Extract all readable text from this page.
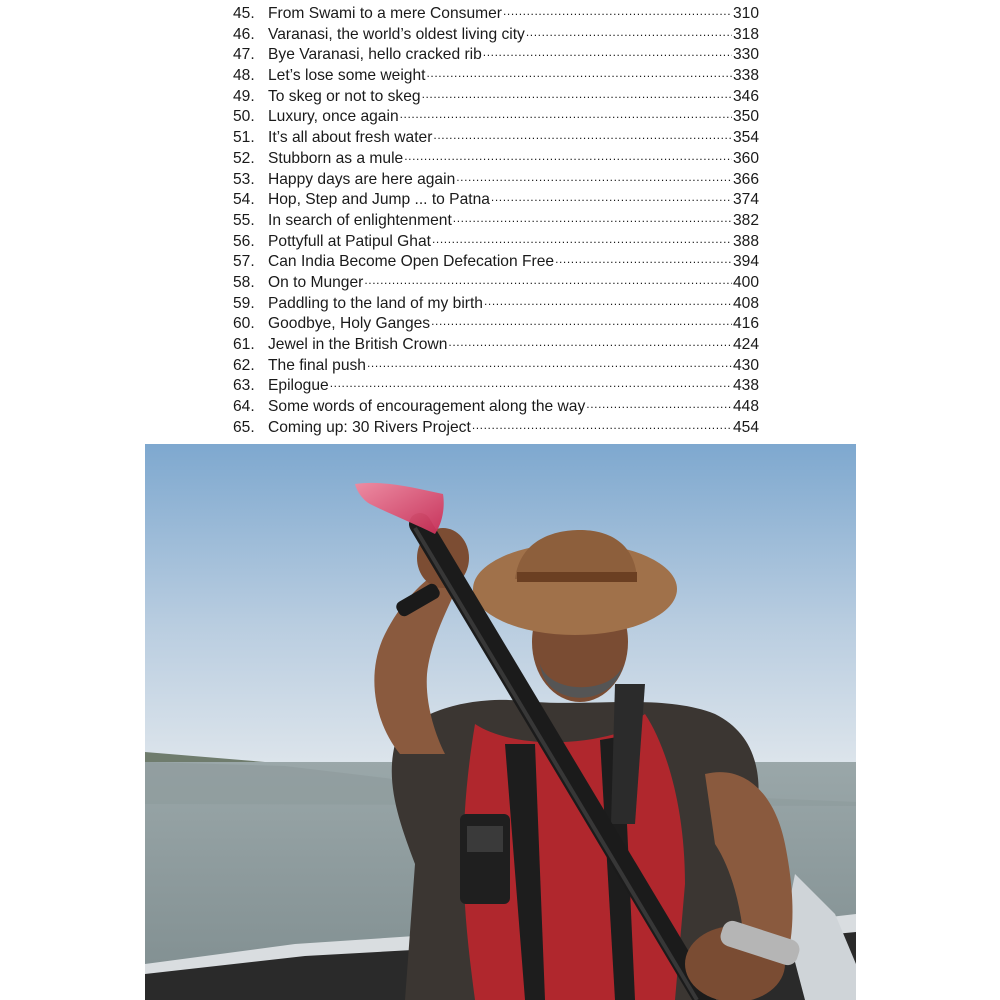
45. From Swami to a mere Consumer .....	310
46. Varanasi, the world’s oldest living city .....	318
47. Bye Varanasi, hello cracked rib .....	330
48. Let’s lose some weight .....	338
49. To skeg or not to skeg .....	346
50. Luxury, once again .....	350
51. It’s all about fresh water .....	354
52. Stubborn as a mule .....	360
53. Happy days are here again .....	366
54. Hop, Step and Jump ... to Patna .....	374
55. In search of enlightenment .....	382
56. Pottyfull at Patipul Ghat .....	388
57. Can India Become Open Defecation Free .....	394
58. On to Munger .....	400
59. Paddling to the land of my birth .....	408
60. Goodbye, Holy Ganges .....	416
61. Jewel in the British Crown .....	424
62. The final push .....	430
63. Epilogue .....	438
64. Some words of encouragement along the way .....	448
65. Coming up: 30 Rivers Project .....	454
